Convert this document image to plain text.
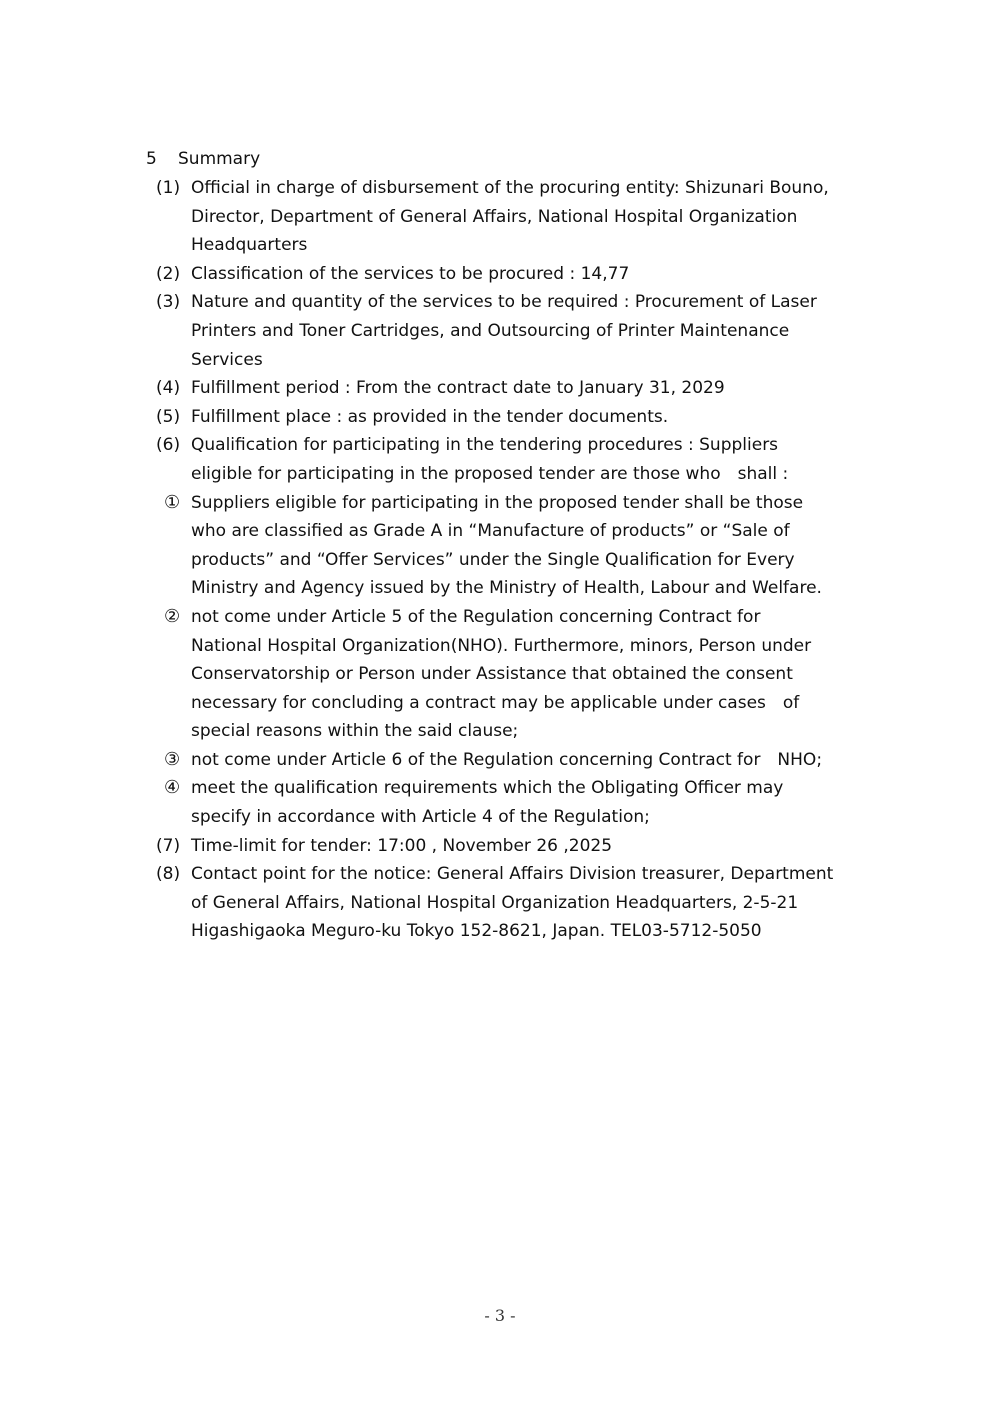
5 Summary
(1) Official in charge of disbursement of the procuring entity: Shizunari Bouno,
Director, Department of General Affairs, National Hospital Organization
Headquarters
(2) Classification of the services to be procured : 14,77
(3) Nature and quantity of the services to be required : Procurement of Laser
Printers and Toner Cartridges, and Outsourcing of Printer Maintenance
Services
(4) Fulfillment period : From the contract date to January 31, 2029
(5) Fulfillment place : as provided in the tender documents.
(6) Qualification for participating in the tendering procedures : Suppliers
eligible for participating in the proposed tender are those who　shall :
① Suppliers eligible for participating in the proposed tender shall be those
who are classified as Grade A in “Manufacture of products” or “Sale of
products” and “Offer Services” under the Single Qualification for Every
Ministry and Agency issued by the Ministry of Health, Labour and Welfare.
② not come under Article 5 of the Regulation concerning Contract for
National Hospital Organization(NHO). Furthermore, minors, Person under
Conservatorship or Person under Assistance that obtained the consent
necessary for concluding a contract may be applicable under cases　of
special reasons within the said clause;
③ not come under Article 6 of the Regulation concerning Contract for　NHO;
④ meet the qualification requirements which the Obligating Officer may
specify in accordance with Article 4 of the Regulation;
(7) Time-limit for tender: 17:00 , November 26 ,2025
(8) Contact point for the notice: General Affairs Division treasurer, Department
of General Affairs, National Hospital Organization Headquarters, 2-5-21
Higashigaoka Meguro-ku Tokyo 152-8621, Japan. TEL03-5712-5050
- 3 -
